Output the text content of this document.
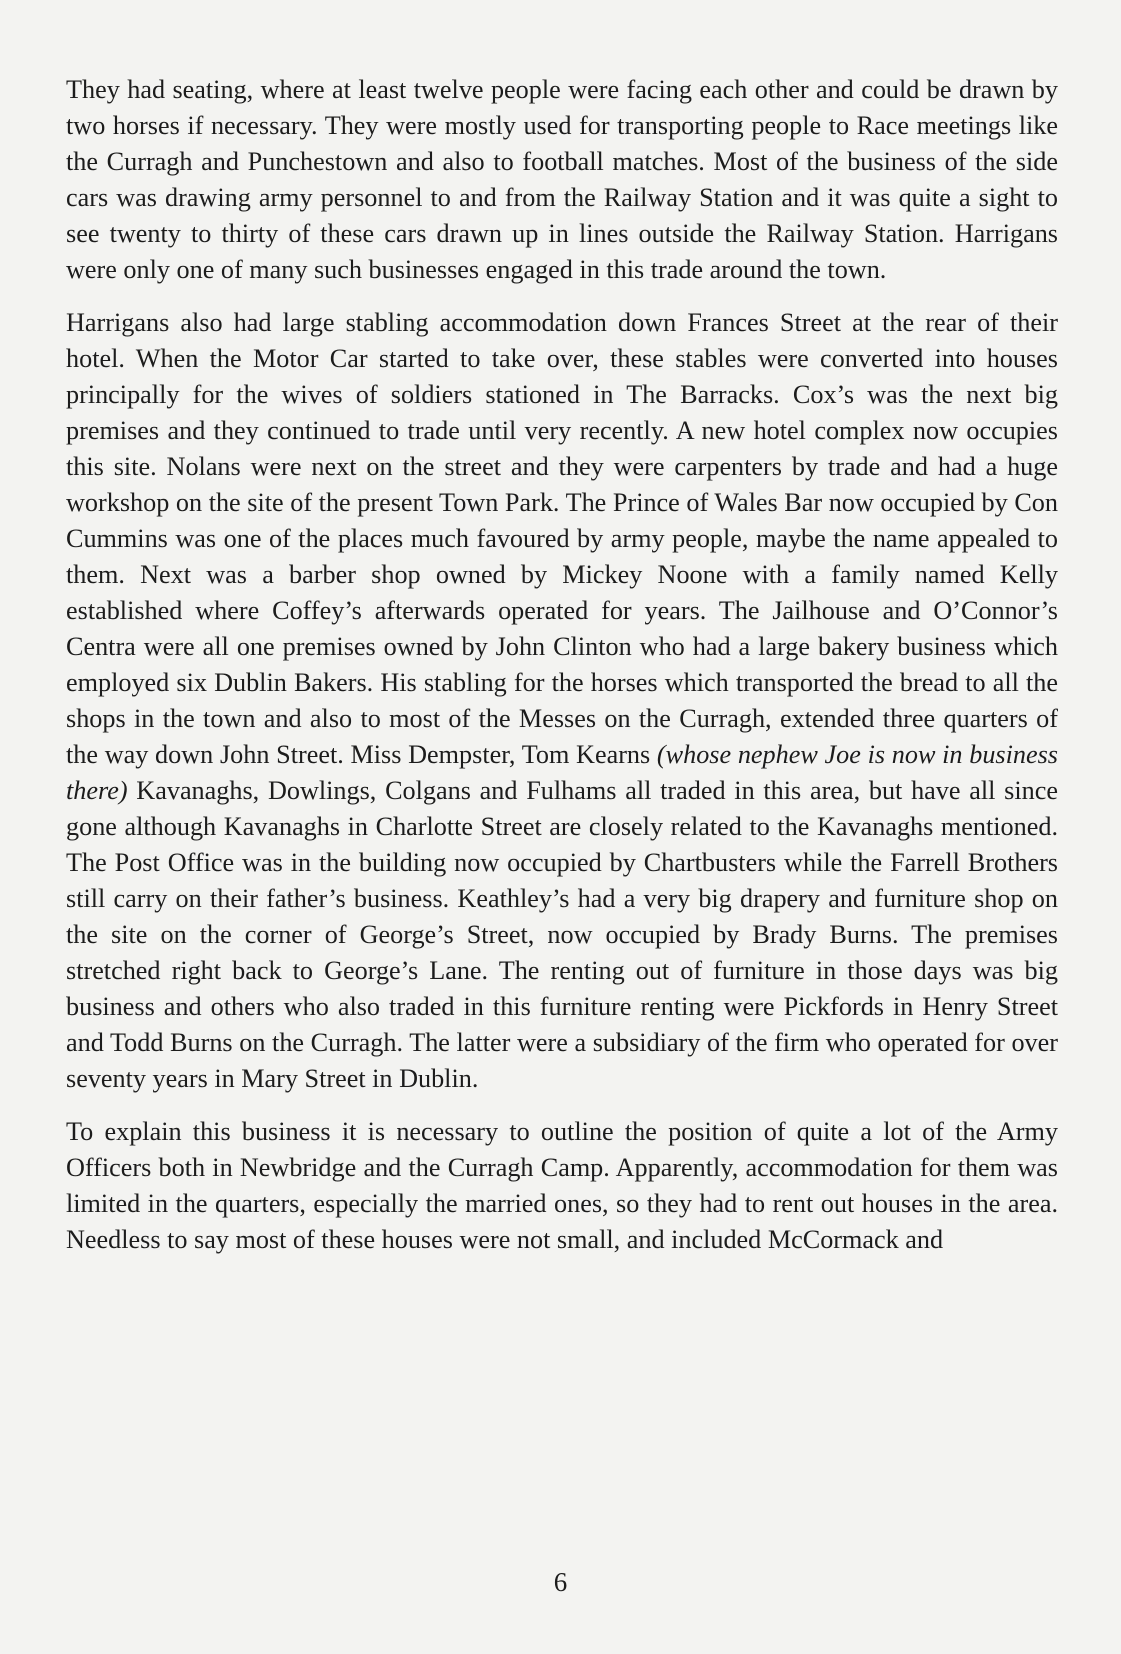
They had seating, where at least twelve people were facing each other and could be drawn by two horses if necessary. They were mostly used for transporting people to Race meetings like the Curragh and Punchestown and also to football matches. Most of the business of the side cars was drawing army personnel to and from the Railway Station and it was quite a sight to see twenty to thirty of these cars drawn up in lines outside the Railway Station. Harrigans were only one of many such businesses engaged in this trade around the town.

Harrigans also had large stabling accommodation down Frances Street at the rear of their hotel. When the Motor Car started to take over, these stables were converted into houses principally for the wives of soldiers stationed in The Barracks. Cox’s was the next big premises and they continued to trade until very recently. A new hotel complex now occupies this site. Nolans were next on the street and they were carpenters by trade and had a huge workshop on the site of the present Town Park. The Prince of Wales Bar now occupied by Con Cummins was one of the places much favoured by army people, maybe the name appealed to them. Next was a barber shop owned by Mickey Noone with a family named Kelly established where Coffey’s afterwards operated for years. The Jailhouse and O’Connor’s Centra were all one premises owned by John Clinton who had a large bakery business which employed six Dublin Bakers. His stabling for the horses which transported the bread to all the shops in the town and also to most of the Messes on the Curragh, extended three quarters of the way down John Street. Miss Dempster, Tom Kearns (whose nephew Joe is now in business there) Kavanaghs, Dowlings, Colgans and Fulhams all traded in this area, but have all since gone although Kavanaghs in Charlotte Street are closely related to the Kavanaghs mentioned. The Post Office was in the building now occupied by Chartbusters while the Farrell Brothers still carry on their father’s business. Keathley’s had a very big drapery and furniture shop on the site on the corner of George’s Street, now occupied by Brady Burns. The premises stretched right back to George’s Lane. The renting out of furniture in those days was big business and others who also traded in this furniture renting were Pickfords in Henry Street and Todd Burns on the Curragh. The latter were a subsidiary of the firm who operated for over seventy years in Mary Street in Dublin.

To explain this business it is necessary to outline the position of quite a lot of the Army Officers both in Newbridge and the Curragh Camp. Apparently, accommodation for them was limited in the quarters, especially the married ones, so they had to rent out houses in the area. Needless to say most of these houses were not small, and included McCormack and

6
